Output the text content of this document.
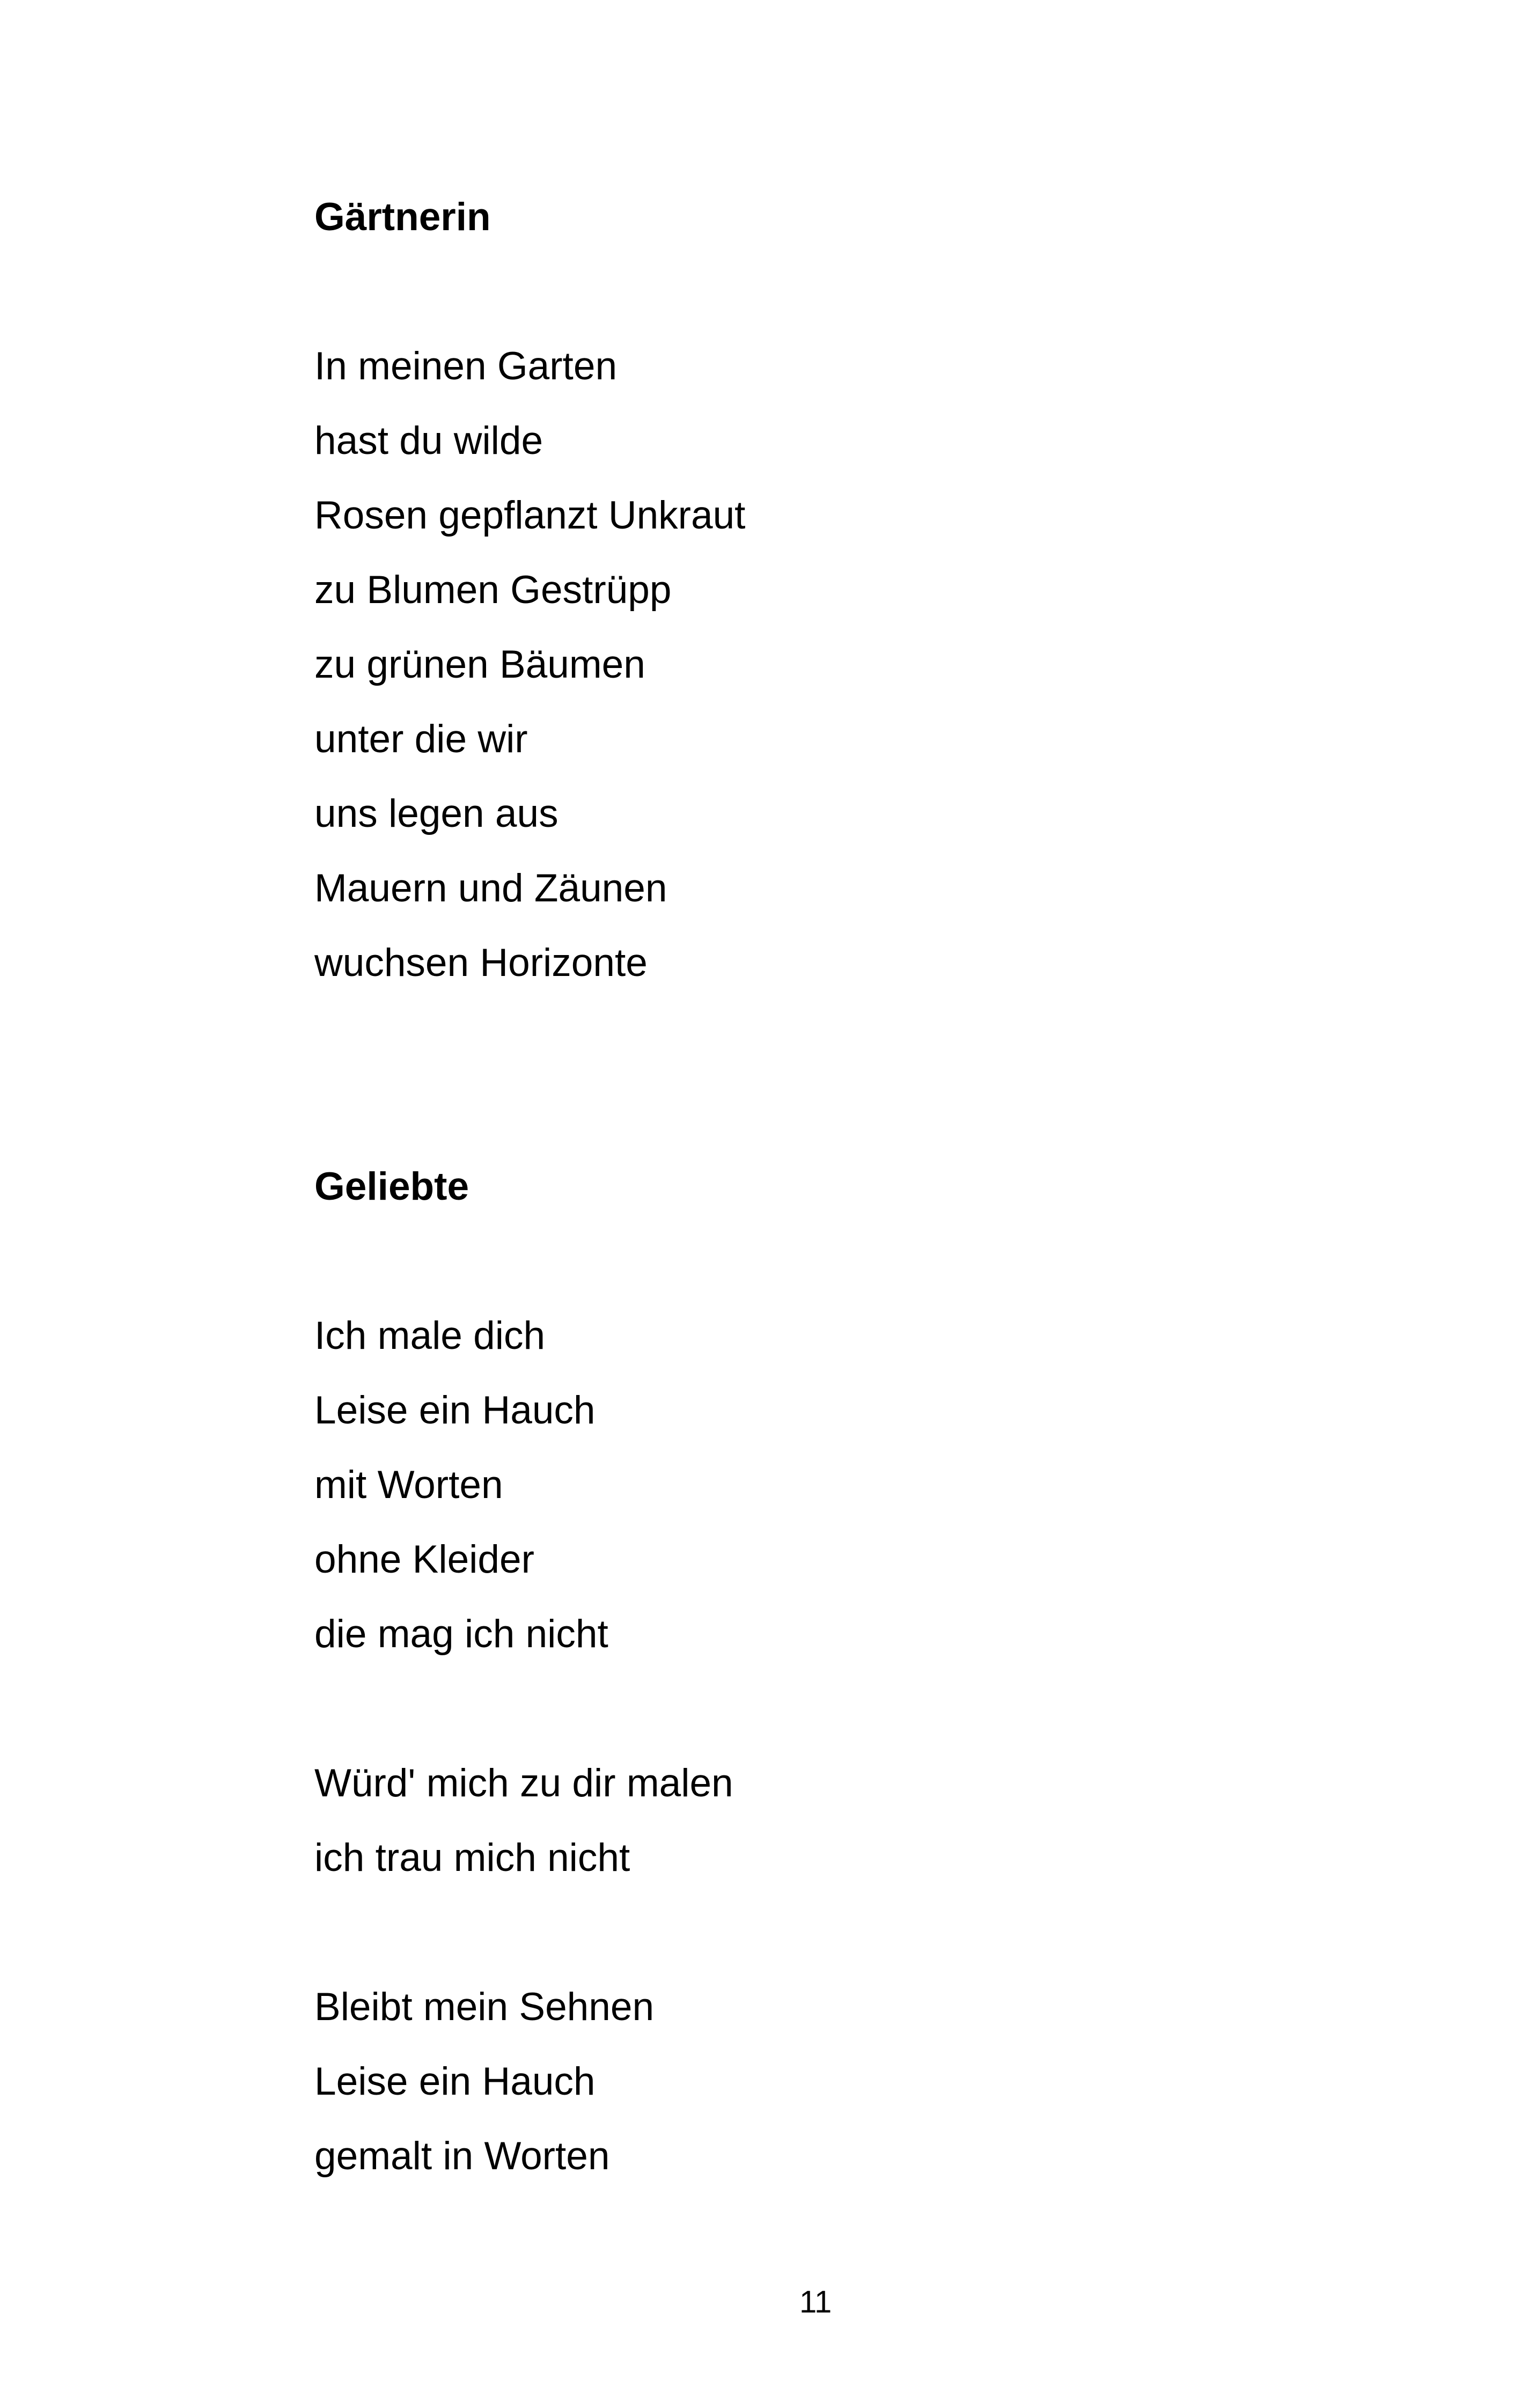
Gärtnerin

In meinen Garten

hast du wilde

Rosen gepflanzt Unkraut

zu Blumen Gestrüpp

zu grünen Bäumen

unter die wir

uns legen aus

Mauern und Zäunen

wuchsen Horizonte

Geliebte

Ich male dich

Leise ein Hauch

mit Worten

ohne Kleider

die mag ich nicht

Würd' mich zu dir malen

ich trau mich nicht

Bleibt mein Sehnen

Leise ein Hauch

gemalt in Worten

11
